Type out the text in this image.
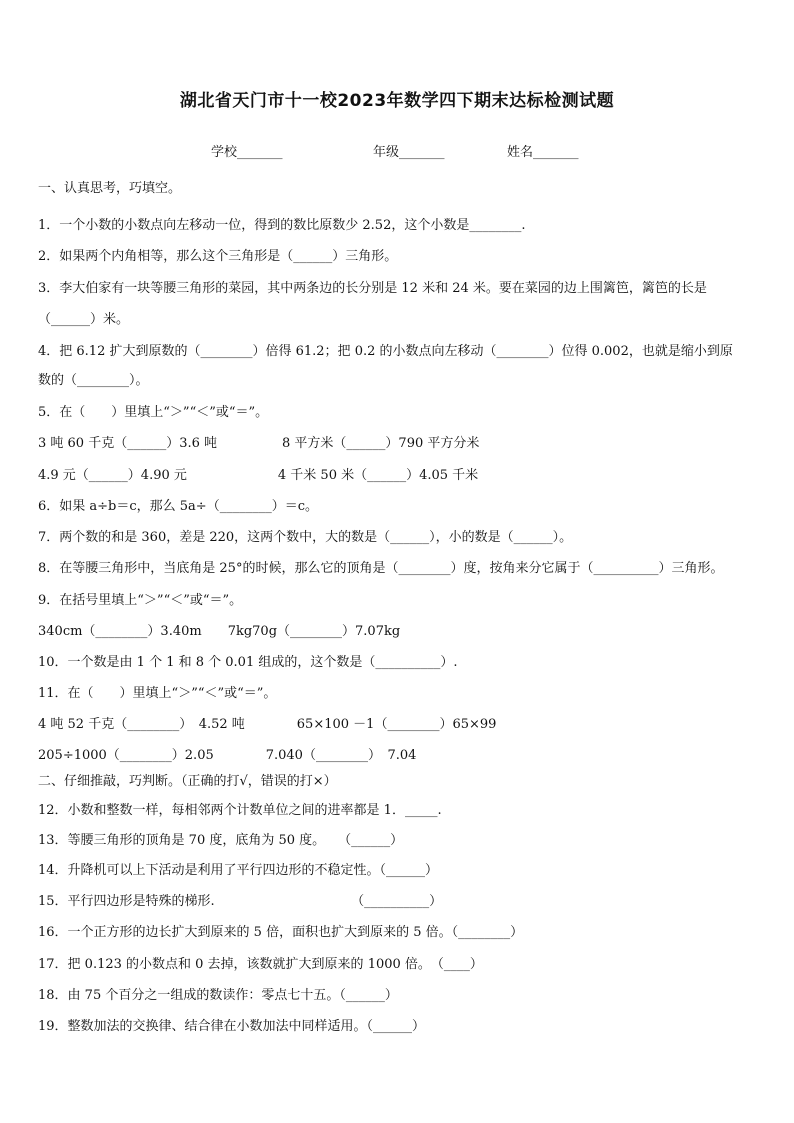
湖北省天门市十一校2023年数学四下期末达标检测试题
学校_______	年级_______	姓名_______
一、认真思考，巧填空。
1．一个小数的小数点向左移动一位，得到的数比原数少 2.52，这个小数是________.
2．如果两个内角相等，那么这个三角形是（______）三角形。
3．李大伯家有一块等腰三角形的菜园，其中两条边的长分别是 12 米和 24 米。要在菜园的边上围篱笆，篱笆的长是
（______）米。
4．把 6.12 扩大到原数的（________）倍得 61.2；把 0.2 的小数点向左移动（________）位得 0.002，也就是缩小到原
数的（________）。
5．在（　　）里填上“＞”“＜”或“＝”。
3 吨 60 千克（______）3.6 吨　　　　　8 平方米（______）790 平方分米
4.9 元（______）4.90 元　　　　　　　4 千米 50 米（______）4.05 千米
6．如果 a÷b＝c，那么 5a÷（________）＝c。
7．两个数的和是 360，差是 220，这两个数中，大的数是（______），小的数是（______）。
8．在等腰三角形中，当底角是 25°的时候，那么它的顶角是（________）度，按角来分它属于（__________）三角形。
9．在括号里填上“＞”“＜”或“＝”。
340cm（________）3.40m　　7kg70g（________）7.07kg
10．一个数是由 1 个 1 和 8 个 0.01 组成的，这个数是（__________）.
11．在（　　）里填上“＞”“＜”或“＝”。
4 吨 52 千克（________）　4.52 吨　　　　65×100 －1（________）65×99
205÷1000（________）2.05　　　　7.040（________）　7.04
二、仔细推敲，巧判断。（正确的打√，错误的打×）
12．小数和整数一样，每相邻两个计数单位之间的进率都是 1．_____.
13．等腰三角形的顶角是 70 度，底角为 50 度。　　（______）
14．升降机可以上下活动是利用了平行四边形的不稳定性。（______）
15．平行四边形是特殊的梯形.　　　　　　　　　　　（__________）
16．一个正方形的边长扩大到原来的 5 倍，面积也扩大到原来的 5 倍。（________）
17．把 0.123 的小数点和 0 去掉，该数就扩大到原来的 1000 倍。　（____）
18．由 75 个百分之一组成的数读作：零点七十五。（______）
19．整数加法的交换律、结合律在小数加法中同样适用。（______）
